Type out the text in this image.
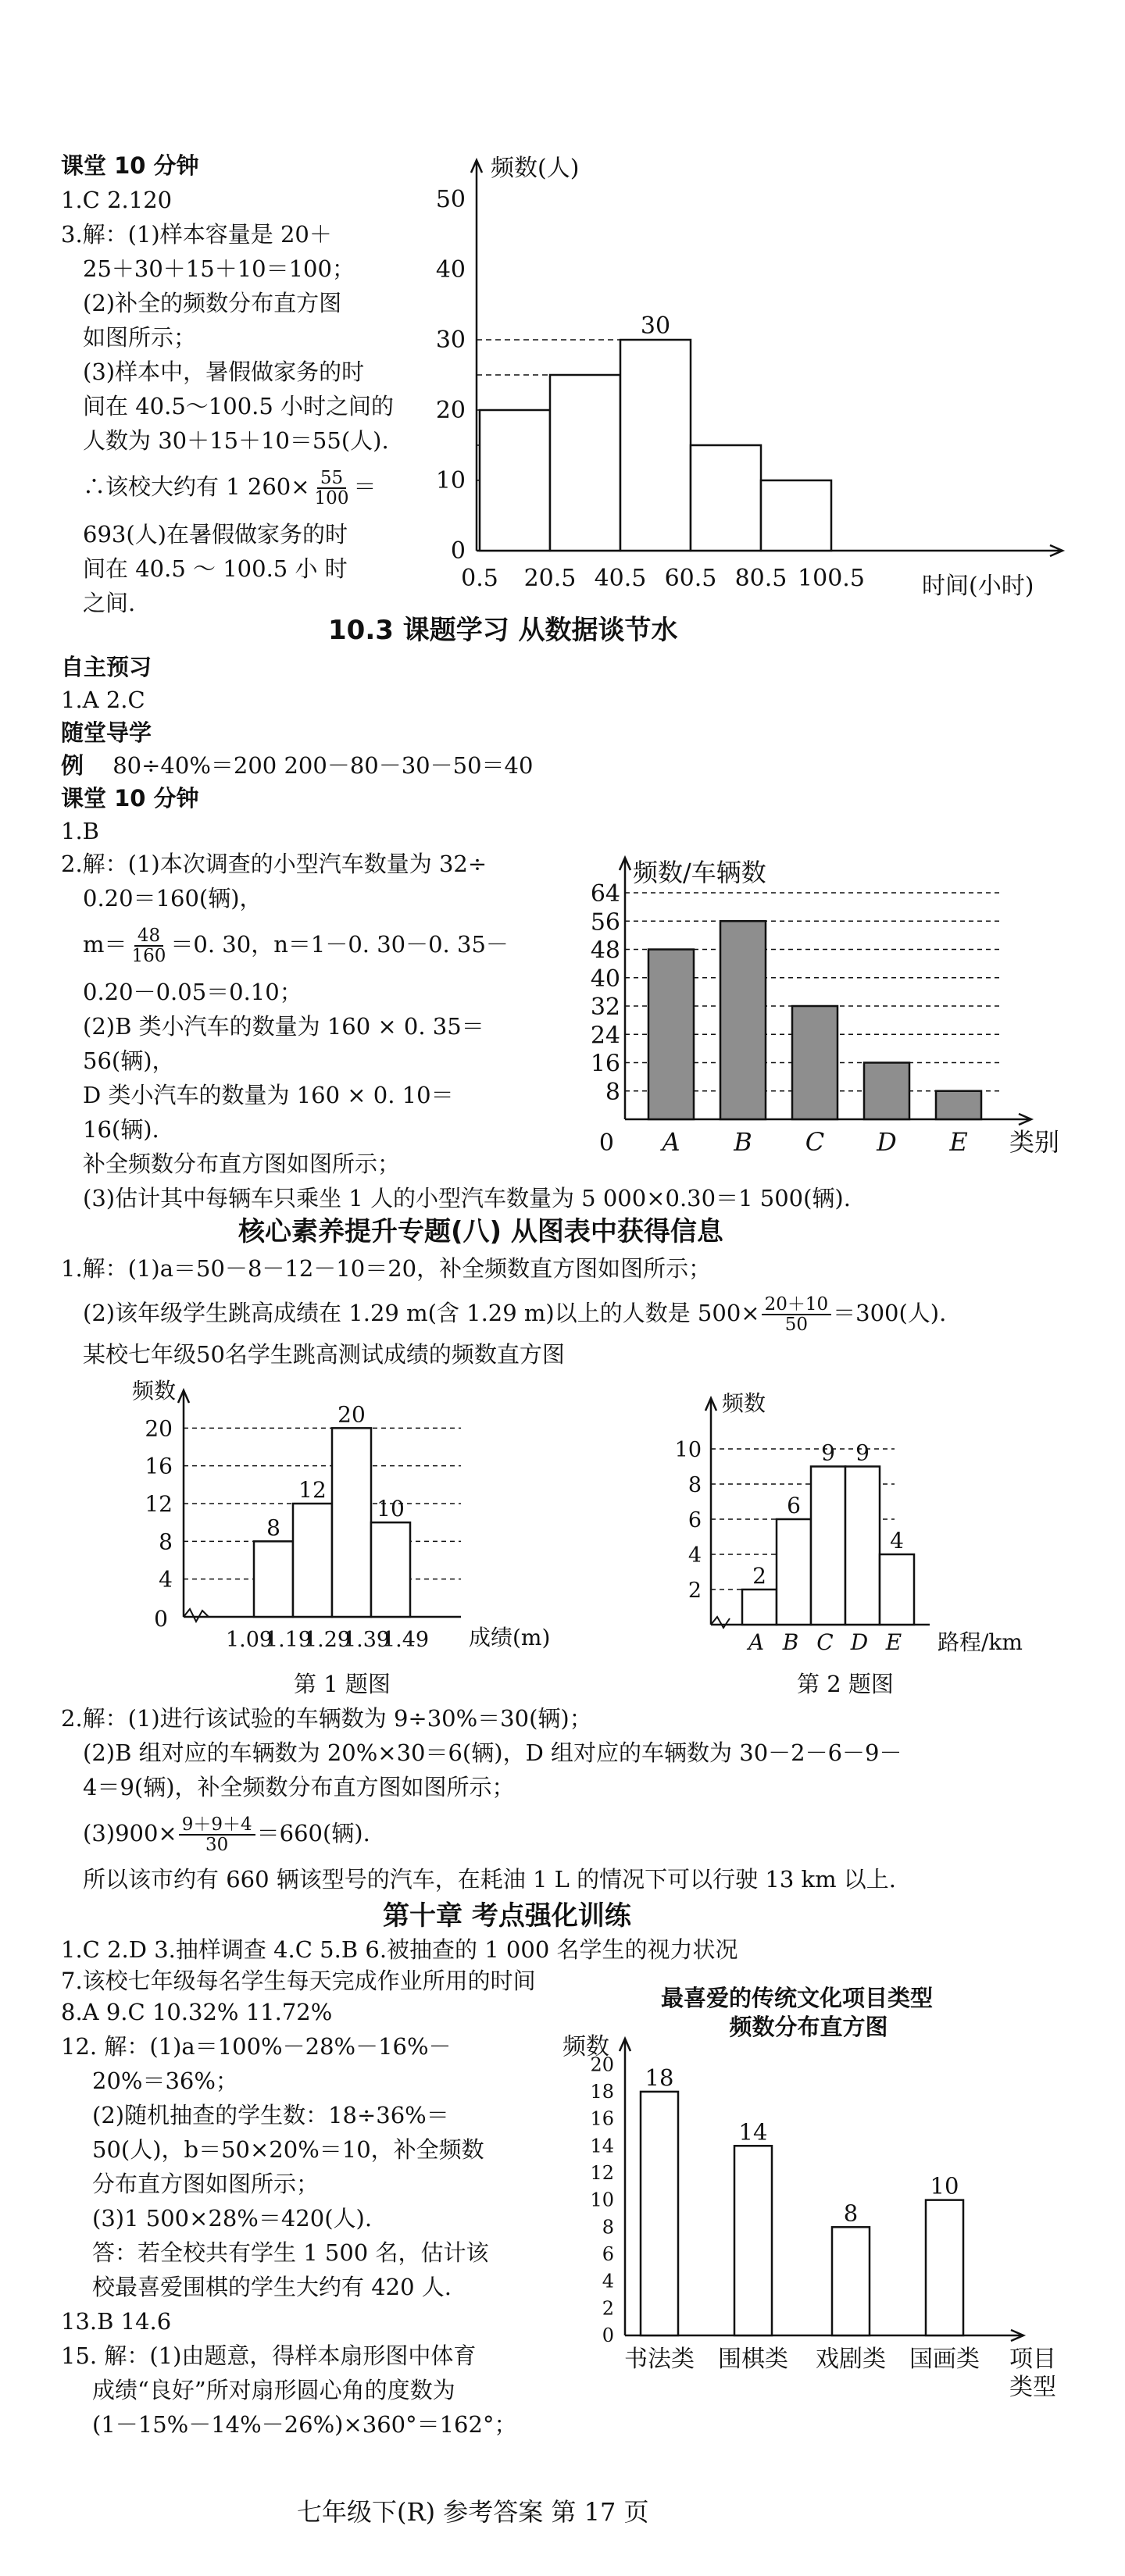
课堂 10 分钟
1.C 2.120
3.解：(1)样本容量是 20＋
25＋30＋15＋10＝100；
(2)补全的频数分布直方图
如图所示；
(3)样本中，暑假做家务的时
间在 40.5～100.5 小时之间的
人数为 30＋15＋10＝55(人).
∴该校大约有 1 $260\times \frac{55}{100}$ ＝
693(人)在暑假做家务的时
间在 40.5 ～ 100.5 小 时
之间.
频数(人)
时间(小时)
0
10
20
30
40
50
30
0.5 20.5 40.5 60.5 80.5 100.5
10.3 课题学习 从数据谈节水
自主预习
1.A 2.C
随堂导学
例 80÷40%＝200 200－80－30－50＝40
课堂 10 分钟
1.B
2.解：(1)本次调查的小型汽车数量为 32÷
0.20＝160(辆)，
$m= \frac{48}{160} =0$. 30，n＝1－0. 30－0. 35－
0.20－0.05＝0.10；
(2)B 类小汽车的数量为 160 × 0. 35＝
56(辆)，
D 类小汽车的数量为 160 × 0. 10＝
16(辆).
补全频数分布直方图如图所示；
(3)估计其中每辆车只乘坐 1 人的小型汽车数量为 5 000×0.30＝1 500(辆).
频数/车辆数
0	类别
8
16
24
32
40
48
56
64
A B C D E
核心素养提升专题(八) 从图表中获得信息
1.解：(1)a＝50－8－12－10＝20，补全频数直方图如图所示；
(2)该年级学生跳高成绩在 1.29 m(含 1.29 m)以上的人数是 $500\times \frac{20+10}{50} =300$(人).
某校七年级50名学生跳高测试成绩的频数直方图
频数
0
成绩(m)
4
8
12
16
20
8
12
20
10
1.09
1.19
1.29
1.39
1.49
频数
路程/km
2
4
6
8
10
2
A
6
B
9
C
9
D
4
E
第 1 题图	第 2 题图
2.解：(1)进行该试验的车辆数为 9÷30%＝30(辆)；
(2)B 组对应的车辆数为 20%×30＝6(辆)，D 组对应的车辆数为 30－2－6－9－
4＝9(辆)，补全频数分布直方图如图所示；
$(3)900\times \frac{9+9+4}{30} =660$(辆).
所以该市约有 660 辆该型号的汽车，在耗油 1 L 的情况下可以行驶 13 km 以上.
第十章 考点强化训练
1.C 2.D 3.抽样调查 4.C 5.B 6.被抽查的 1 000 名学生的视力状况
7.该校七年级每名学生每天完成作业所用的时间
8.A 9.C 10.32% 11.72%
12. 解：(1)a＝100%－28%－16%－
20%＝36%；
(2)随机抽查的学生数：18÷36%＝
50(人)，b＝50×20%＝10，补全频数
分布直方图如图所示；
(3)1 500×28%＝420(人).
答：若全校共有学生 1 500 名，估计该
校最喜爱围棋的学生大约有 420 人.
13.B 14.6
15. 解：(1)由题意，得样本扇形图中体育
成绩“良好”所对扇形圆心角的度数为
(1－15%－14%－26%)×360°＝162°；
最喜爱的传统文化项目类型
频数分布直方图
频数
0
2
4
6
8
10
12
14
16
18
20 18
书法类
14
围棋类
8
戏剧类
10
国画类 项目
类型
七年级下(R) 参考答案 第 17 页
